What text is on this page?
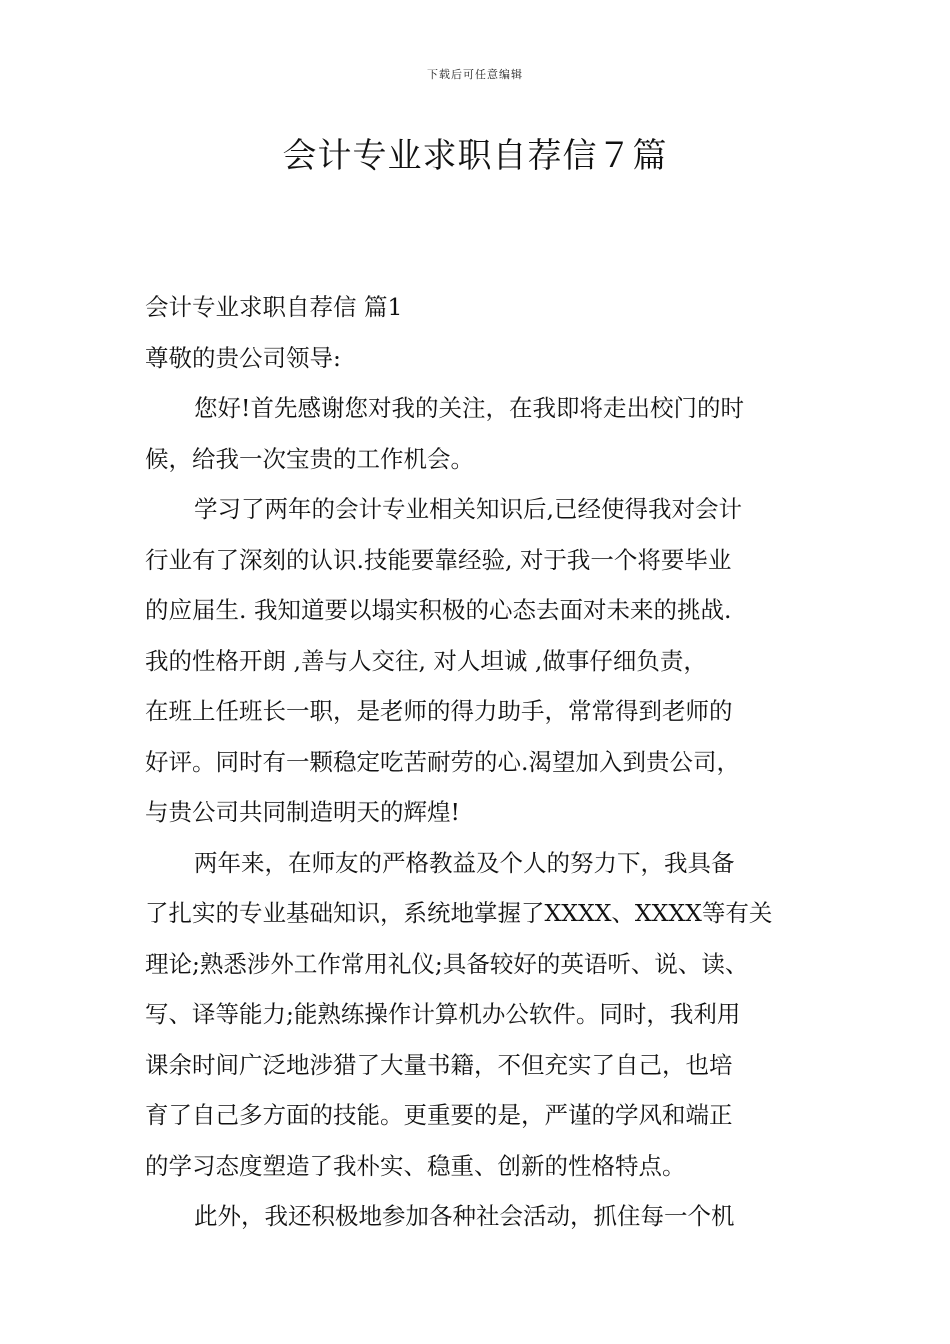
下载后可任意编辑
会计专业求职自荐信７篇
会计专业求职自荐信 篇1
尊敬的贵公司领导:
您好!首先感谢您对我的关注，在我即将走出校门的时
候，给我一次宝贵的工作机会。
学习了两年的会计专业相关知识后,已经使得我对会计
行业有了深刻的认识.技能要靠经验, 对于我一个将要毕业
的应届生. 我知道要以塌实积极的心态去面对未来的挑战.
我的性格开朗 ,善与人交往, 对人坦诚 ,做事仔细负责，
在班上任班长一职，是老师的得力助手，常常得到老师的
好评。同时有一颗稳定吃苦耐劳的心.渴望加入到贵公司，
与贵公司共同制造明天的辉煌!
两年来，在师友的严格教益及个人的努力下，我具备
了扎实的专业基础知识，系统地掌握了XXXX、XXXX等有关
理论;熟悉涉外工作常用礼仪;具备较好的英语听、说、读、
写、译等能力;能熟练操作计算机办公软件。同时，我利用
课余时间广泛地涉猎了大量书籍，不但充实了自己，也培
育了自己多方面的技能。更重要的是，严谨的学风和端正
的学习态度塑造了我朴实、稳重、创新的性格特点。
此外，我还积极地参加各种社会活动，抓住每一个机
